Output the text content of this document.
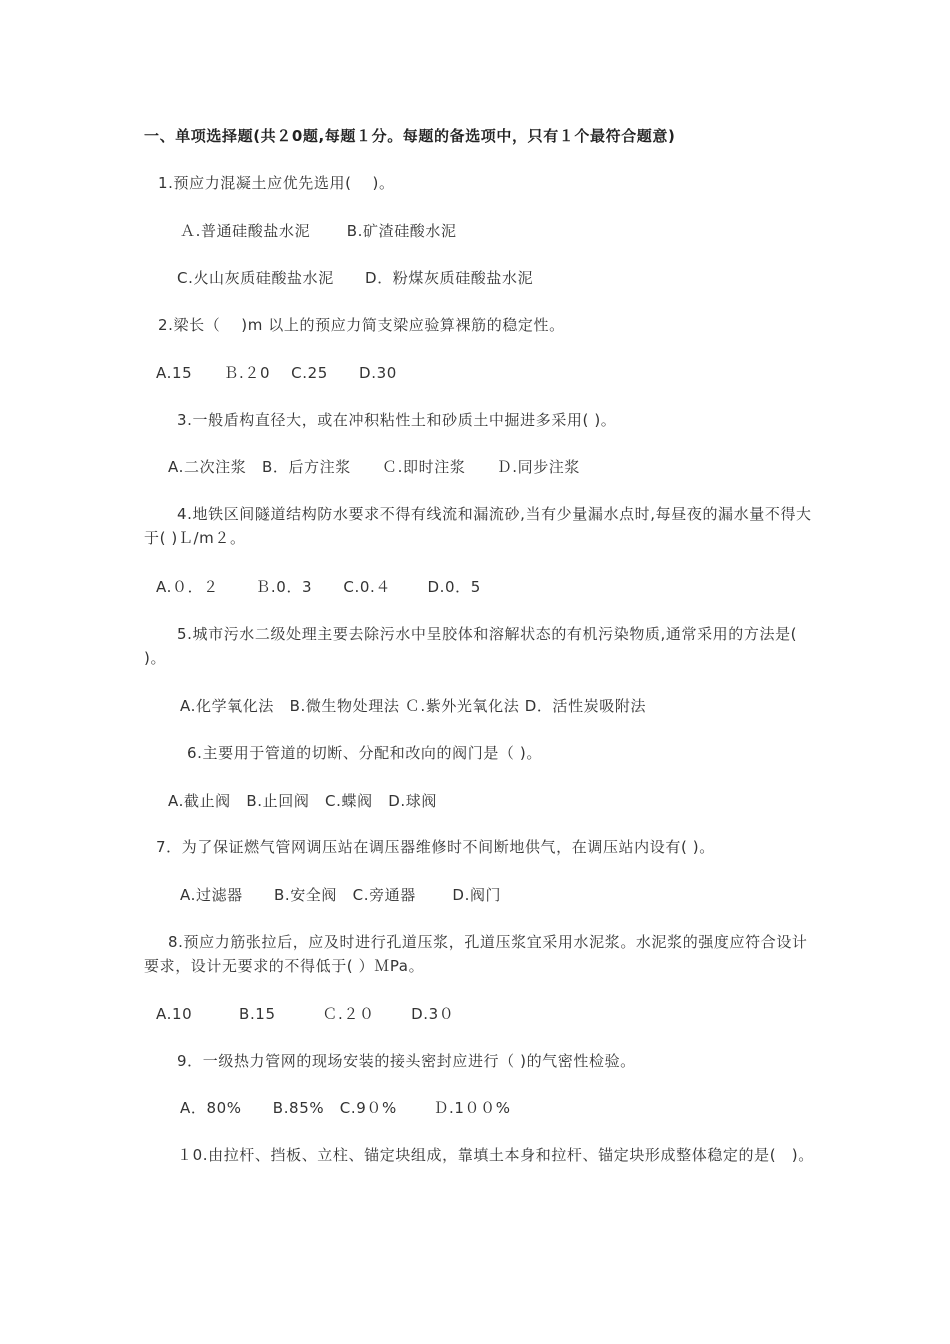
一、单项选择题(共２0题,每题１分。每题的备选项中，只有１个最符合题意)
1.预应力混凝土应优先选用(　 )。
Ａ.普通硅酸盐水泥　　 B.矿渣硅酸水泥
C.火山灰质硅酸盐水泥　　D．粉煤灰质硅酸盐水泥
2.梁长（　 )m 以上的预应力简支梁应验算裸筋的稳定性。
A.15　　Ｂ.２0　 C.25　　D.30
3.一般盾构直径大，或在冲积粘性土和砂质土中掘进多采用( )。
A.二次注浆　B．后方注浆　　Ｃ.即时注浆　　Ｄ.同步注浆
4.地铁区间隧道结构防水要求不得有线流和漏流砂,当有少量漏水点时,每昼夜的漏水量不得大于( )Ｌ/m２。
A.０．２　　 Ｂ.0．3　　C.0.４　　 D.0．5
5.城市污水二级处理主要去除污水中呈胶体和溶解状态的有机污染物质,通常采用的方法是( )。
A.化学氧化法　B.微生物处理法 Ｃ.紫外光氧化法 D．活性炭吸附法
6.主要用于管道的切断、分配和改向的阀门是（ )。
A.截止阀　B.止回阀　C.蝶阀　D.球阀
7．为了保证燃气管网调压站在调压器维修时不间断地供气，在调压站内设有( )。
A.过滤器　　B.安全阀　C.旁通器　　 D.阀门
8.预应力筋张拉后，应及时进行孔道压浆，孔道压浆宜采用水泥浆。水泥浆的强度应符合设计要求，设计无要求的不得低于( ）ＭPa。
A.10　　　B.15　　　Ｃ.２０　　 D.3０
9．一级热力管网的现场安装的接头密封应进行（ )的气密性检验。
A．80%　　B.85%　C.9０%　　 Ｄ.1００%
１0.由拉杆、挡板、立柱、锚定块组成，靠填土本身和拉杆、锚定块形成整体稳定的是(　)。
